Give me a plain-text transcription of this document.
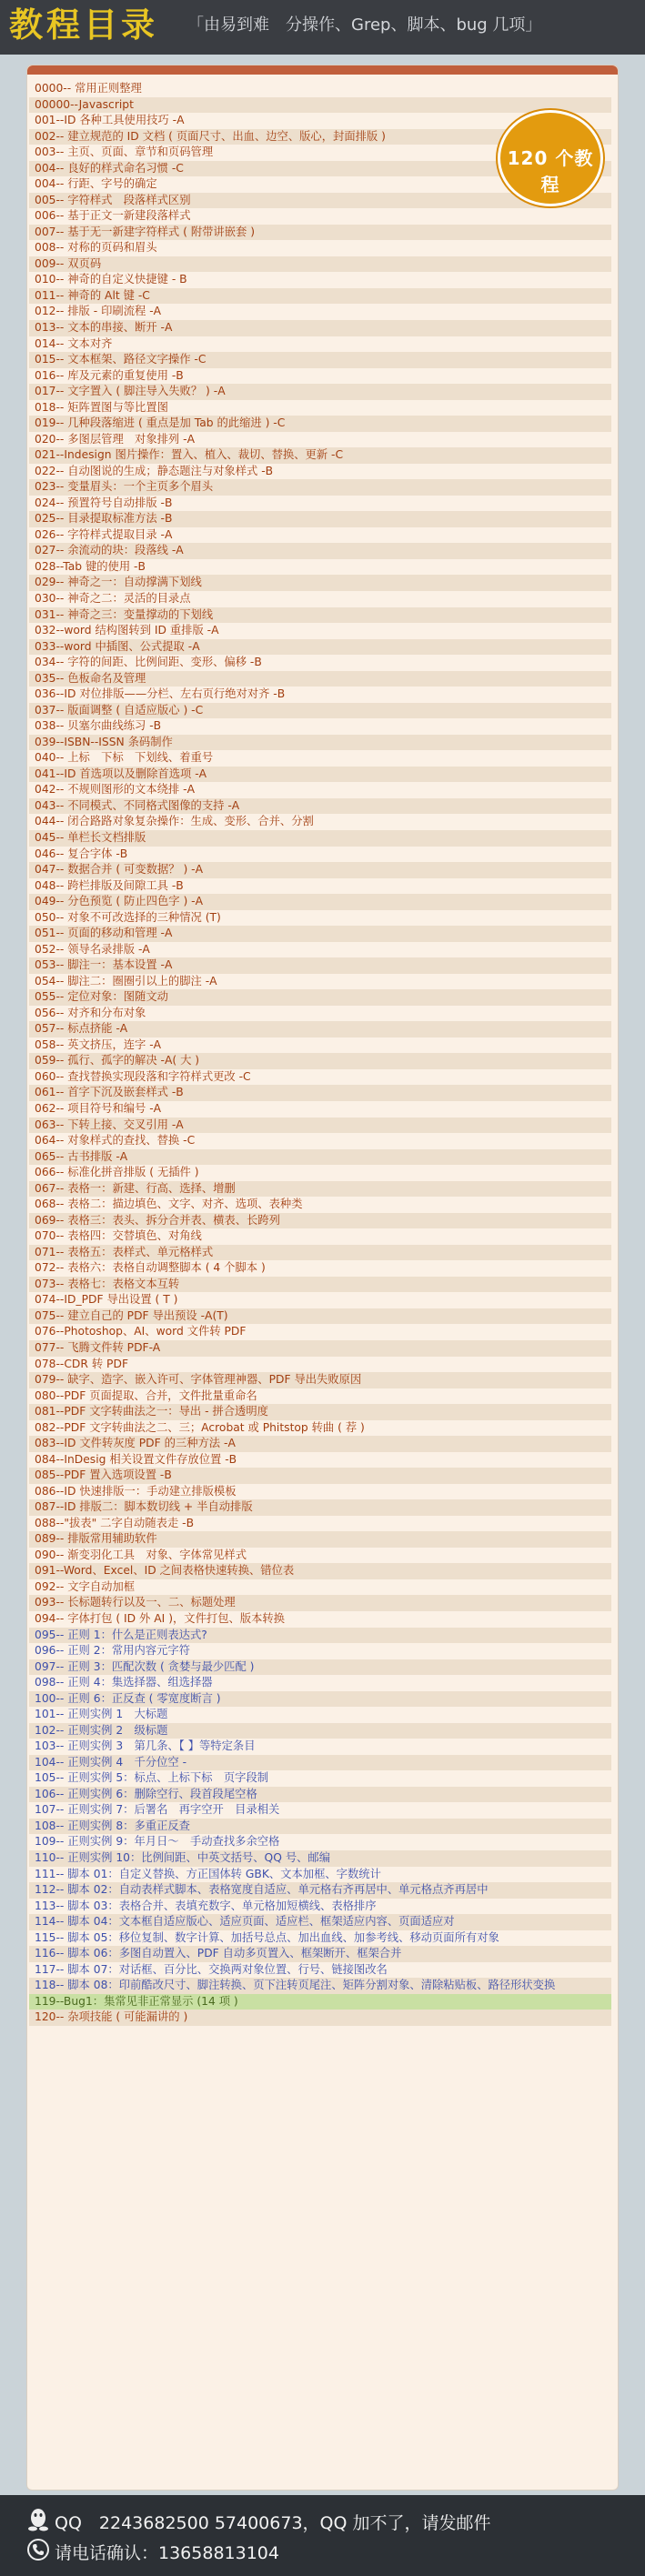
教程目录 「由易到难　分操作、Grep、脚本、bug 几项」
0000-- 常用正则整理
00000--Javascript
001--ID 各种工具使用技巧 -A
002-- 建立规范的 ID 文档 ( 页面尺寸、出血、边空、版心，封面排版 )
003-- 主页、页面、章节和页码管理
004-- 良好的样式命名习惯 -C
004-- 行距、字号的确定
005-- 字符样式　段落样式区别
006-- 基于正文一新建段落样式
007-- 基于无一新建字符样式 ( 附带讲嵌套 )
008-- 对称的页码和眉头
009-- 双页码
010-- 神奇的自定义快捷键 - B
011-- 神奇的 Alt 键 -C
012-- 排版 - 印刷流程 -A
013-- 文本的串接、断开 -A
014-- 文本对齐
015-- 文本框架、路径文字操作 -C
016-- 库及元素的重复使用 -B
017-- 文字置入 ( 脚注导入失败？ ) -A
018-- 矩阵置图与等比置图
019-- 几种段落缩进 ( 重点是加 Tab 的此缩进 ) -C
020-- 多图层管理　对象排列 -A
021--Indesign 图片操作：置入、植入、裁切、替换、更新 -C
022-- 自动图说的生成；静态题注与对象样式 -B
023-- 变量眉头：一个主页多个眉头
024-- 预置符号自动排版 -B
025-- 目录提取标准方法 -B
026-- 字符样式提取目录 -A
027-- 余流动的块：段落线 -A
028--Tab 键的使用 -B
029-- 神奇之一：自动撑满下划线
030-- 神奇之二：灵活的目录点
031-- 神奇之三：变量撑动的下划线
032--word 结构图转到 ID 重排版 -A
033--word 中插图、公式提取 -A
034-- 字符的间距、比例间距、变形、偏移 -B
035-- 色板命名及管理
036--ID 对位排版——分栏、左右页行绝对对齐 -B
037-- 版面调整 ( 自适应版心 ) -C
038-- 贝塞尔曲线练习 -B
039--ISBN--ISSN 条码制作
040-- 上标　下标　下划线、着重号
041--ID 首选项以及删除首选项 -A
042-- 不规则图形的文本绕排 -A
043-- 不同模式、不同格式图像的支持 -A
044-- 闭合路路对象复杂操作：生成、变形、合并、分割
045-- 单栏长文档排版
046-- 复合字体 -B
047-- 数据合并 ( 可变数据？ ) -A
048-- 跨栏排版及间隙工具 -B
049-- 分色预览 ( 防止四色字 ) -A
050-- 对象不可改选择的三种情况 (T)
051-- 页面的移动和管理 -A
052-- 领导名录排版 -A
053-- 脚注一：基本设置 -A
054-- 脚注二：圈圈引以上的脚注 -A
055-- 定位对象：图随文动
056-- 对齐和分布对象
057-- 标点挤能 -A
058-- 英文挤压，连字 -A
059-- 孤行、孤字的解决 -A( 大 )
060-- 查找替换实现段落和字符样式更改 -C
061-- 首字下沉及嵌套样式 -B
062-- 项目符号和编号 -A
063-- 下转上接、交叉引用 -A
064-- 对象样式的查找、替换 -C
065-- 古书排版 -A
066-- 标准化拼音排版 ( 无插件 )
067-- 表格一：新建、行高、选择、增删
068-- 表格二：描边填色、文字、对齐、选项、表种类
069-- 表格三：表头、拆分合并表、横表、长跨列
070-- 表格四：交替填色、对角线
071-- 表格五：表样式、单元格样式
072-- 表格六：表格自动调整脚本 ( 4 个脚本 )
073-- 表格七：表格文本互转
074--ID_PDF 导出设置 ( T )
075-- 建立自己的 PDF 导出预设 -A(T)
076--Photoshop、AI、word 文件转 PDF
077-- 飞腾文件转 PDF-A
078--CDR 转 PDF
079-- 缺字、造字、嵌入许可、字体管理神器、PDF 导出失败原因
080--PDF 页面提取、合并，文件批量重命名
081--PDF 文字转曲法之一：导出 - 拼合透明度
082--PDF 文字转曲法之二、三；Acrobat 或 Phitstop 转曲 ( 荐 )
083--ID 文件转灰度 PDF 的三种方法 -A
084--InDesig 相关设置文件存放位置 -B
085--PDF 置入选项设置 -B
086--ID 快速排版一：手动建立排版模板
087--ID 排版二：脚本数切线 + 半自动排版
088--"拔表" 二字自动随表走 -B
089-- 排版常用辅助软件
090-- 渐变羽化工具　对象、字体常见样式
091--Word、Excel、ID 之间表格快速转换、错位表
092-- 文字自动加框
093-- 长标题转行以及一、二、标题处理
094-- 字体打包 ( ID 外 AI )，文件打包、版本转换
095-- 正则 1：什么是正则表达式?
096-- 正则 2：常用内容元字符
097-- 正则 3：匹配次数 ( 贪婪与最少匹配 )
098-- 正则 4：集选择器、组选择器
100-- 正则 6：正反查 ( 零宽度断言 )
101-- 正则实例 1　大标题
102-- 正则实例 2　级标题
103-- 正则实例 3　第几条、【 】等特定条目
104-- 正则实例 4　千分位空 -
105-- 正则实例 5：标点、上标下标　页字段制
106-- 正则实例 6：删除空行、段首段尾空格
107-- 正则实例 7：后署名　再字空开　目录相关
108-- 正则实例 8：多重正反查
109-- 正则实例 9：年月日～　手动查找多余空格
110-- 正则实例 10：比例间距、中英文括号、QQ 号、邮编
111-- 脚本 01：自定义替换、方正国体转 GBK、文本加框、字数统计
112-- 脚本 02：自动表样式脚本、表格宽度自适应、单元格右齐再居中、单元格点齐再居中
113-- 脚本 03：表格合并、表填充数字、单元格加短横线、表格排序
114-- 脚本 04：文本框自适应版心、适应页面、适应栏、框架适应内容、页面适应对
115-- 脚本 05：移位复制、数字计算、加括号总点、加出血线、加参考线、移动页面所有对象
116-- 脚本 06：多图自动置入、PDF 自动多页置入、框架断开、框架合并
117-- 脚本 07：对话框、百分比、交换两对象位置、行号、链接图改名
118-- 脚本 08：印前酷改尺寸、脚注转换、页下注转页尾注、矩阵分割对象、清除粘贴板、路径形状变换
119--Bug1：集常见非正常显示 (14 项 )
120-- 杂项技能 ( 可能漏讲的 )
120 个教程
QQ　2243682500 57400673，QQ 加不了，请发邮件
请电话确认：13658813104
